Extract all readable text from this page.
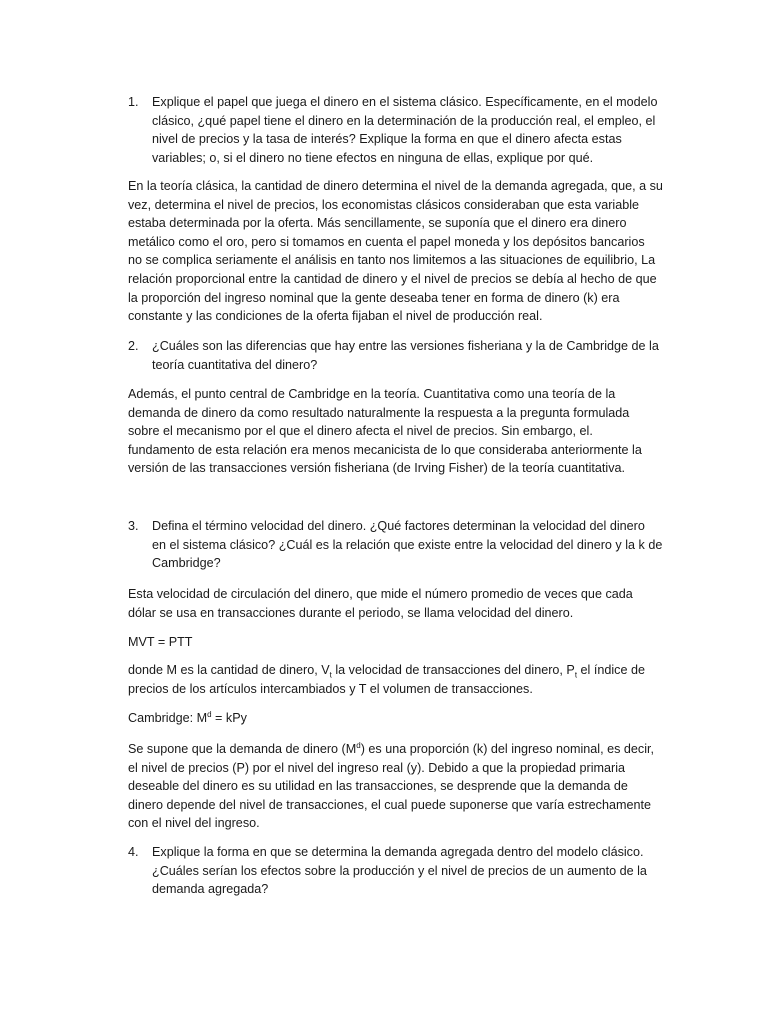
1.	Explique el papel que juega el dinero en el sistema clásico. Específicamente, en el modelo
clásico, ¿qué papel tiene el dinero en la determinación de la producción real, el empleo, el
nivel de precios y la tasa de interés? Explique la forma en que el dinero afecta estas
variables; o, si el dinero no tiene efectos en ninguna de ellas, explique por qué.
En la teoría clásica, la cantidad de dinero determina el nivel de la demanda agregada, que, a su
vez, determina el nivel de precios, los economistas clásicos consideraban que esta variable
estaba determinada por la oferta. Más sencillamente, se suponía que el dinero era dinero
metálico como el oro, pero si tomamos en cuenta el papel moneda y los depósitos bancarios
no se complica seriamente el análisis en tanto nos limitemos a las situaciones de equilibrio, La
relación proporcional entre la cantidad de dinero y el nivel de precios se debía al hecho de que
la proporción del ingreso nominal que la gente deseaba tener en forma de dinero (k) era
constante y las condiciones de la oferta fijaban el nivel de producción real.
2.	¿Cuáles son las diferencias que hay entre las versiones fisheriana y la de Cambridge de la
teoría cuantitativa del dinero?
Además, el punto central de Cambridge en la teoría. Cuantitativa como una teoría de la
demanda de dinero da como resultado naturalmente la respuesta a la pregunta formulada
sobre el mecanismo por el que el dinero afecta el nivel de precios. Sin embargo, el.
fundamento de esta relación era menos mecanicista de lo que consideraba anteriormente la
versión de las transacciones versión fisheriana (de Irving Fisher) de la teoría cuantitativa.
3.	Defina el término velocidad del dinero. ¿Qué factores determinan la velocidad del dinero
en el sistema clásico? ¿Cuál es la relación que existe entre la velocidad del dinero y la k de
Cambridge?
Esta velocidad de circulación del dinero, que mide el número promedio de veces que cada
dólar se usa en transacciones durante el periodo, se llama velocidad del dinero.
MVT = PTT
donde M es la cantidad de dinero, $V_t$ la velocidad de transacciones del dinero, $P_t$ el índice de
precios de los artículos intercambiados y T el volumen de transacciones.
Cambridge: $M^d$ = kPy
Se supone que la demanda de dinero $(M^d)$ es una proporción (k) del ingreso nominal, es decir,
el nivel de precios (P) por el nivel del ingreso real (y). Debido a que la propiedad primaria
deseable del dinero es su utilidad en las transacciones, se desprende que la demanda de
dinero depende del nivel de transacciones, el cual puede suponerse que varía estrechamente
con el nivel del ingreso.
4.	Explique la forma en que se determina la demanda agregada dentro del modelo clásico.
¿Cuáles serían los efectos sobre la producción y el nivel de precios de un aumento de la
demanda agregada?
